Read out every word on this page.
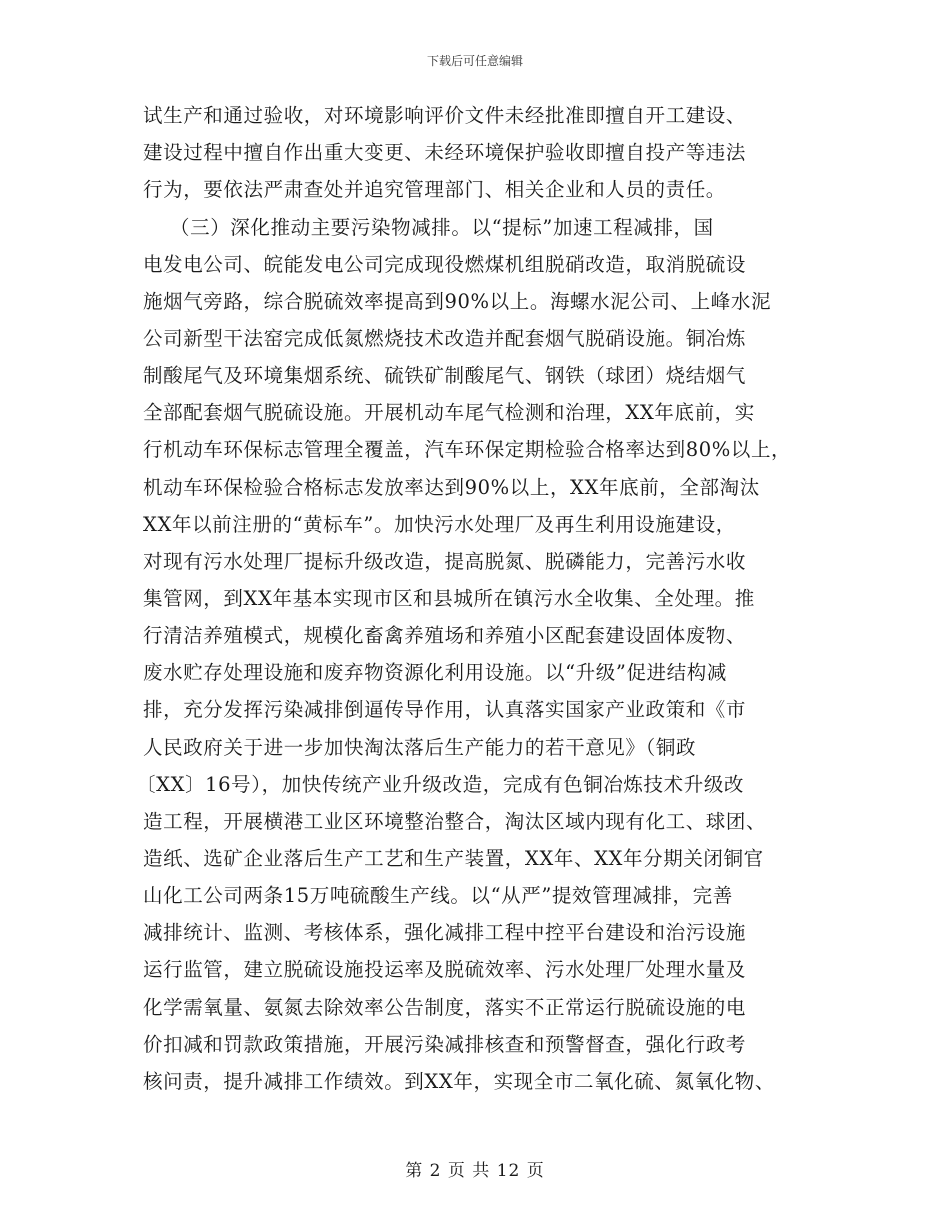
下载后可任意编辑
试生产和通过验收，对环境影响评价文件未经批准即擅自开工建设、
建设过程中擅自作出重大变更、未经环境保护验收即擅自投产等违法
行为，要依法严肃查处并追究管理部门、相关企业和人员的责任。
（三）深化推动主要污染物减排。以“提标”加速工程减排，国
电发电公司、皖能发电公司完成现役燃煤机组脱硝改造，取消脱硫设
施烟气旁路，综合脱硫效率提高到90%以上。海螺水泥公司、上峰水泥
公司新型干法窑完成低氮燃烧技术改造并配套烟气脱硝设施。铜冶炼
制酸尾气及环境集烟系统、硫铁矿制酸尾气、钢铁（球团）烧结烟气
全部配套烟气脱硫设施。开展机动车尾气检测和治理，XX年底前，实
行机动车环保标志管理全覆盖，汽车环保定期检验合格率达到80%以上，
机动车环保检验合格标志发放率达到90%以上，XX年底前，全部淘汰
XX年以前注册的“黄标车”。加快污水处理厂及再生利用设施建设，
对现有污水处理厂提标升级改造，提高脱氮、脱磷能力，完善污水收
集管网，到XX年基本实现市区和县城所在镇污水全收集、全处理。推
行清洁养殖模式，规模化畜禽养殖场和养殖小区配套建设固体废物、
废水贮存处理设施和废弃物资源化利用设施。以“升级”促进结构减
排，充分发挥污染减排倒逼传导作用，认真落实国家产业政策和《市
人民政府关于进一步加快淘汰落后生产能力的若干意见》（铜政
〔XX〕16号），加快传统产业升级改造，完成有色铜冶炼技术升级改
造工程，开展横港工业区环境整治整合，淘汰区域内现有化工、球团、
造纸、选矿企业落后生产工艺和生产装置，XX年、XX年分期关闭铜官
山化工公司两条15万吨硫酸生产线。以“从严”提效管理减排，完善
减排统计、监测、考核体系，强化减排工程中控平台建设和治污设施
运行监管，建立脱硫设施投运率及脱硫效率、污水处理厂处理水量及
化学需氧量、氨氮去除效率公告制度，落实不正常运行脱硫设施的电
价扣减和罚款政策措施，开展污染减排核查和预警督查，强化行政考
核问责，提升减排工作绩效。到XX年，实现全市二氧化硫、氮氧化物、
第 2 页 共 12 页
